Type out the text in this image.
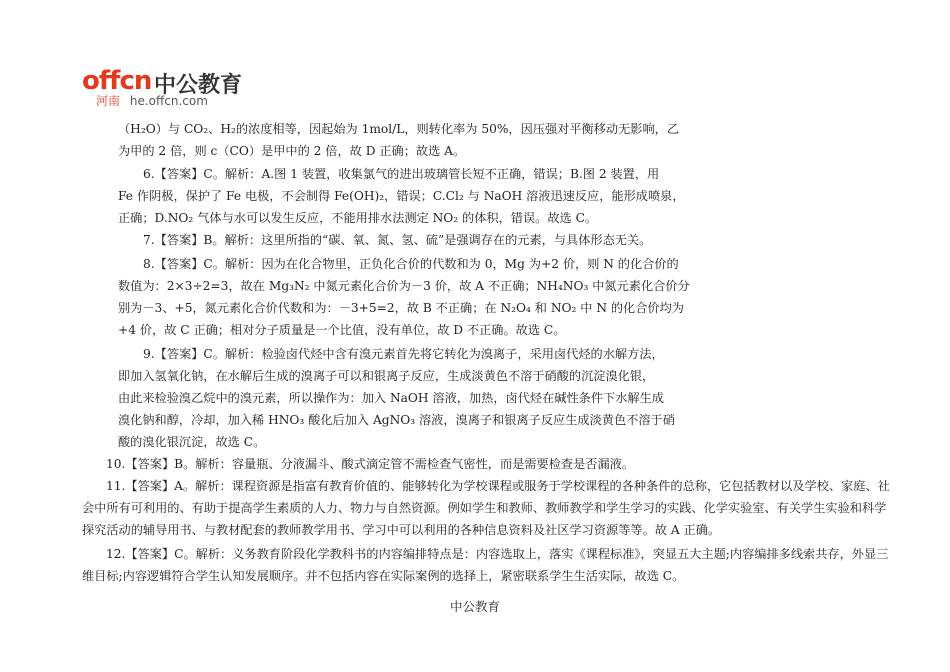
offcn 中公教育
河南 he.offcn.com
（H₂O）与 CO₂、H₂的浓度相等，因起始为 1mol/L，则转化率为 50%，因压强对平衡移动无影响，乙
为甲的 2 倍，则 c（CO）是甲中的 2 倍，故 D 正确；故选 A。
6.【答案】C。解析：A.图 1 装置，收集氯气的进出玻璃管长短不正确，错误；B.图 2 装置，用
Fe 作阴极，保护了 Fe 电极，不会制得 Fe(OH)₂，错误；C.Cl₂ 与 NaOH 溶液迅速反应，能形成喷泉，
正确；D.NO₂ 气体与水可以发生反应，不能用排水法测定 NO₂ 的体积，错误。故选 C。
7.【答案】B。解析：这里所指的“碳、氧、氮、氢、硫”是强调存在的元素，与具体形态无关。
8.【答案】C。解析：因为在化合物里，正负化合价的代数和为 0，Mg 为+2 价，则 N 的化合价的
数值为：2×3÷2=3，故在 Mg₃N₂ 中氮元素化合价为－3 价，故 A 不正确；NH₄NO₃ 中氮元素化合价分
别为－3、+5，氮元素化合价代数和为：－3+5=2，故 B 不正确；在 N₂O₄ 和 NO₂ 中 N 的化合价均为
+4 价，故 C 正确；相对分子质量是一个比值，没有单位，故 D 不正确。故选 C。
9.【答案】C。解析：检验卤代烃中含有溴元素首先将它转化为溴离子，采用卤代烃的水解方法，
即加入氢氧化钠，在水解后生成的溴离子可以和银离子反应，生成淡黄色不溶于硝酸的沉淀溴化银，
由此来检验溴乙烷中的溴元素，所以操作为：加入 NaOH 溶液，加热，卤代烃在碱性条件下水解生成
溴化钠和醇，冷却，加入稀 HNO₃ 酸化后加入 AgNO₃ 溶液，溴离子和银离子反应生成淡黄色不溶于硝
酸的溴化银沉淀，故选 C。
10.【答案】B。解析：容量瓶、分液漏斗、酸式滴定管不需检查气密性，而是需要检查是否漏液。
11.【答案】A。解析：课程资源是指富有教育价值的、能够转化为学校课程或服务于学校课程的各种条件的总称，它包括教材以及学校、家庭、社
会中所有可利用的、有助于提高学生素质的人力、物力与自然资源。例如学生和教师、教师教学和学生学习的实践、化学实验室、有关学生实验和科学
探究活动的辅导用书、与教材配套的教师教学用书、学习中可以利用的各种信息资料及社区学习资源等等。故 A 正确。
12.【答案】C。解析：义务教育阶段化学教科书的内容编排特点是：内容选取上，落实《课程标准》，突显五大主题;内容编排多线索共存，外显三
维目标;内容逻辑符合学生认知发展顺序。并不包括内容在实际案例的选择上，紧密联系学生生活实际，故选 C。
中公教育
